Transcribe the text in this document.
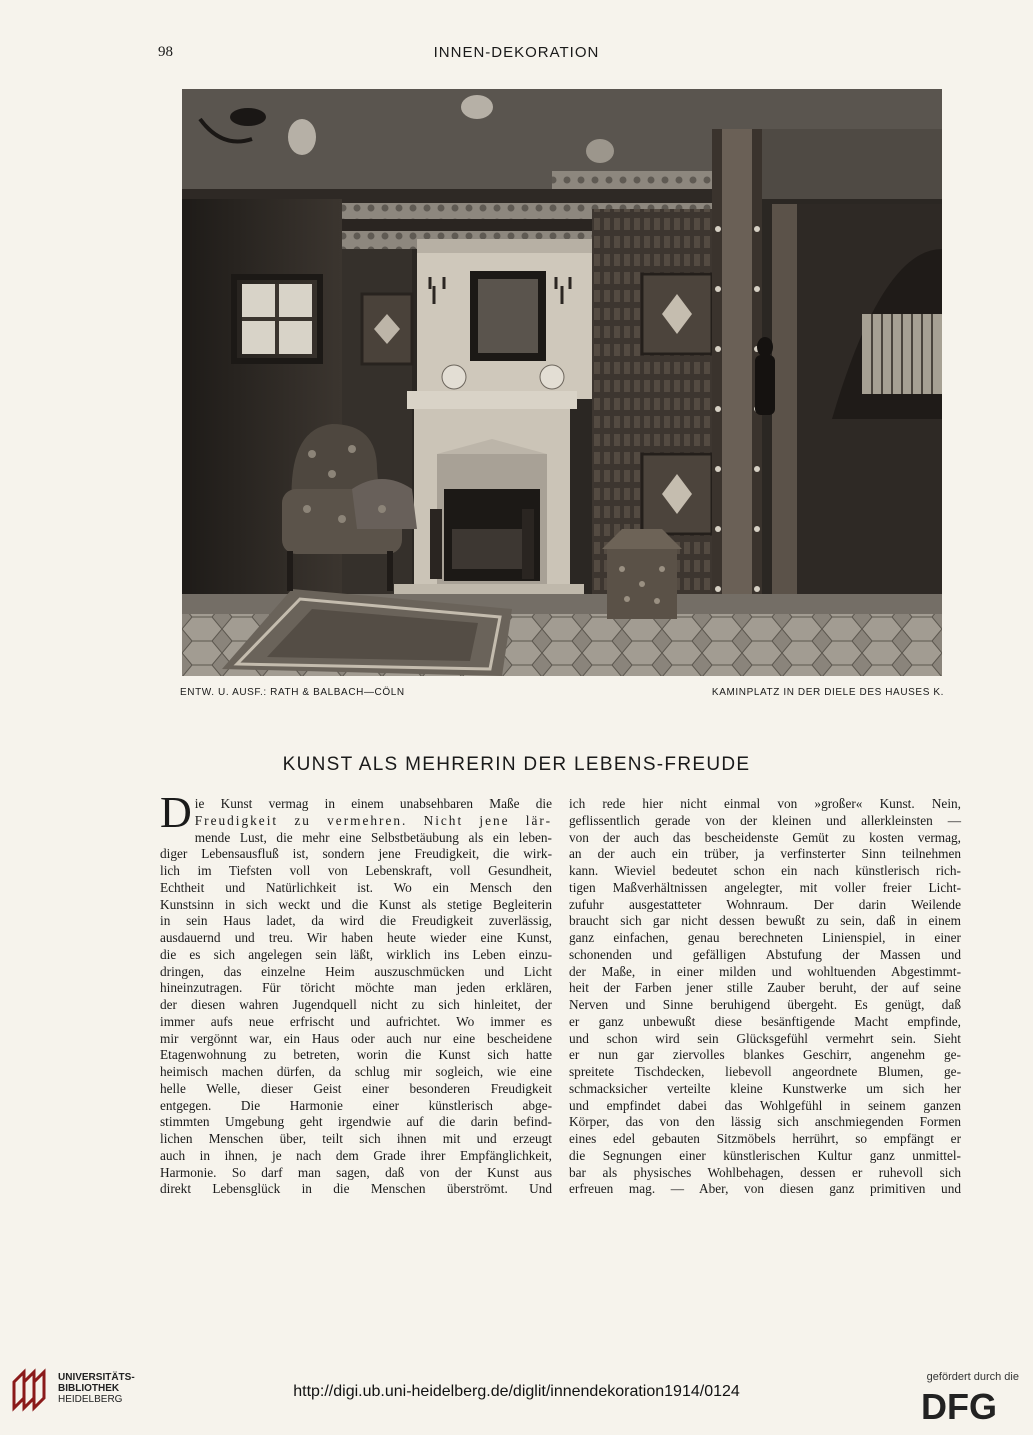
98	INNEN-DEKORATION
ENTW. U. AUSF.: RATH & BALBACH—CÖLN	KAMINPLATZ IN DER DIELE DES HAUSES K.
KUNST ALS MEHRERIN DER LEBENS-FREUDE
D ie Kunst vermag in einem unabsehbaren Maße die
Freudigkeit zu vermehren. Nicht jene lär-
mende Lust, die mehr eine Selbstbetäubung als ein leben-
diger Lebensausfluß ist, sondern jene Freudigkeit, die wirk-
lich im Tiefsten voll von Lebenskraft, voll Gesundheit,
Echtheit und Natürlichkeit ist. Wo ein Mensch den
Kunstsinn in sich weckt und die Kunst als stetige Begleiterin
in sein Haus ladet, da wird die Freudigkeit zuverlässig,
ausdauernd und treu. Wir haben heute wieder eine Kunst,
die es sich angelegen sein läßt, wirklich ins Leben einzu-
dringen, das einzelne Heim auszuschmücken und Licht
hineinzutragen. Für töricht möchte man jeden erklären,
der diesen wahren Jugendquell nicht zu sich hinleitet, der
immer aufs neue erfrischt und aufrichtet. Wo immer es
mir vergönnt war, ein Haus oder auch nur eine bescheidene
Etagenwohnung zu betreten, worin die Kunst sich hatte
heimisch machen dürfen, da schlug mir sogleich, wie eine
helle Welle, dieser Geist einer besonderen Freudigkeit
entgegen. Die Harmonie einer künstlerisch abge-
stimmten Umgebung geht irgendwie auf die darin befind-
lichen Menschen über, teilt sich ihnen mit und erzeugt
auch in ihnen, je nach dem Grade ihrer Empfänglichkeit,
Harmonie. So darf man sagen, daß von der Kunst aus
direkt Lebensglück in die Menschen überströmt. Und
ich rede hier nicht einmal von »großer« Kunst. Nein,
geflissentlich gerade von der kleinen und allerkleinsten —
von der auch das bescheidenste Gemüt zu kosten vermag,
an der auch ein trüber, ja verfinsterter Sinn teilnehmen
kann. Wieviel bedeutet schon ein nach künstlerisch rich-
tigen Maßverhältnissen angelegter, mit voller freier Licht-
zufuhr ausgestatteter Wohnraum. Der darin Weilende
braucht sich gar nicht dessen bewußt zu sein, daß in einem
ganz einfachen, genau berechneten Linienspiel, in einer
schonenden und gefälligen Abstufung der Massen und
der Maße, in einer milden und wohltuenden Abgestimmt-
heit der Farben jener stille Zauber beruht, der auf seine
Nerven und Sinne beruhigend übergeht. Es genügt, daß
er ganz unbewußt diese besänftigende Macht empfinde,
und schon wird sein Glücksgefühl vermehrt sein. Sieht
er nun gar ziervolles blankes Geschirr, angenehm ge-
spreitete Tischdecken, liebevoll angeordnete Blumen, ge-
schmacksicher verteilte kleine Kunstwerke um sich her
und empfindet dabei das Wohlgefühl in seinem ganzen
Körper, das von den lässig sich anschmiegenden Formen
eines edel gebauten Sitzmöbels herrührt, so empfängt er
die Segnungen einer künstlerischen Kultur ganz unmittel-
bar als physisches Wohlbehagen, dessen er ruhevoll sich
erfreuen mag. — Aber, von diesen ganz primitiven und
UNIVERSITÄTS-
BIBLIOTHEK
HEIDELBERG	http://digi.ub.uni-heidelberg.de/diglit/innendekoration1914/0124
gefördert durch die
DFG
